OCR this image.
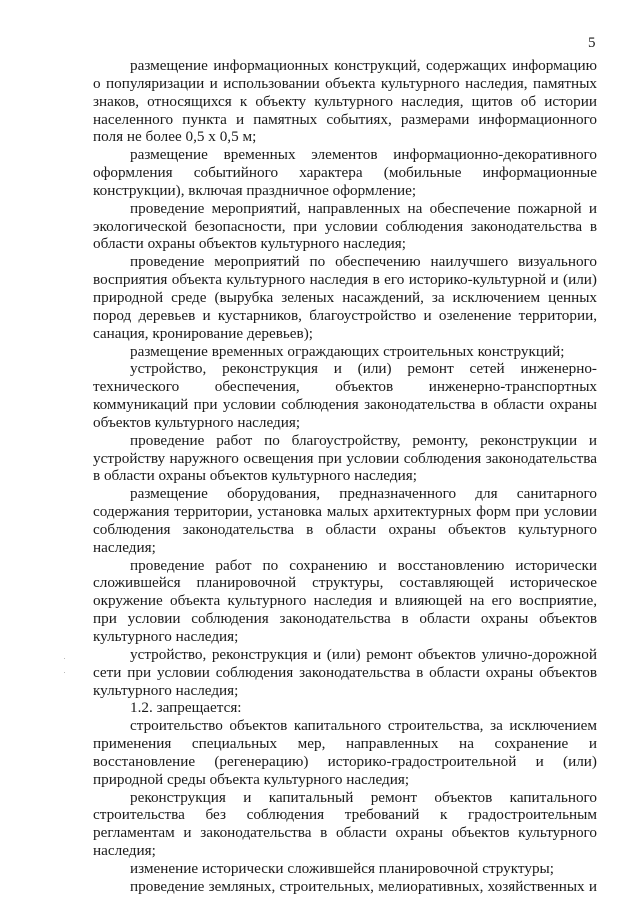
5

размещение информационных конструкций, содержащих информацию о популяризации и использовании объекта культурного наследия, памятных знаков, относящихся к объекту культурного наследия, щитов об истории населенного пункта и памятных событиях, размерами информационного поля не более 0,5 х 0,5 м;

размещение временных элементов информационно-декоративного оформления событийного характера (мобильные информационные конструкции), включая праздничное оформление;

проведение мероприятий, направленных на обеспечение пожарной и экологической безопасности, при условии соблюдения законодательства в области охраны объектов культурного наследия;

проведение мероприятий по обеспечению наилучшего визуального восприятия объекта культурного наследия в его историко-культурной и (или) природной среде (вырубка зеленых насаждений, за исключением ценных пород деревьев и кустарников, благоустройство и озеленение территории, санация, кронирование деревьев);

размещение временных ограждающих строительных конструкций;

устройство, реконструкция и (или) ремонт сетей инженерно-технического обеспечения, объектов инженерно-транспортных коммуникаций при условии соблюдения законодательства в области охраны объектов культурного наследия;

проведение работ по благоустройству, ремонту, реконструкции и устройству наружного освещения при условии соблюдения законодательства в области охраны объектов культурного наследия;

размещение оборудования, предназначенного для санитарного содержания территории, установка малых архитектурных форм при условии соблюдения законодательства в области охраны объектов культурного наследия;

проведение работ по сохранению и восстановлению исторически сложившейся планировочной структуры, составляющей историческое окружение объекта культурного наследия и влияющей на его восприятие, при условии соблюдения законодательства в области охраны объектов культурного наследия;

устройство, реконструкция и (или) ремонт объектов улично-дорожной сети при условии соблюдения законодательства в области охраны объектов культурного наследия;

1.2. запрещается:

строительство объектов капитального строительства, за исключением применения специальных мер, направленных на сохранение и восстановление (регенерацию) историко-градостроительной и (или) природной среды объекта культурного наследия;

реконструкция и капитальный ремонт объектов капитального строительства без соблюдения требований к градостроительным регламентам и законодательства в области охраны объектов культурного наследия;

изменение исторически сложившейся планировочной структуры;

проведение земляных, строительных, мелиоративных, хозяйственных и
